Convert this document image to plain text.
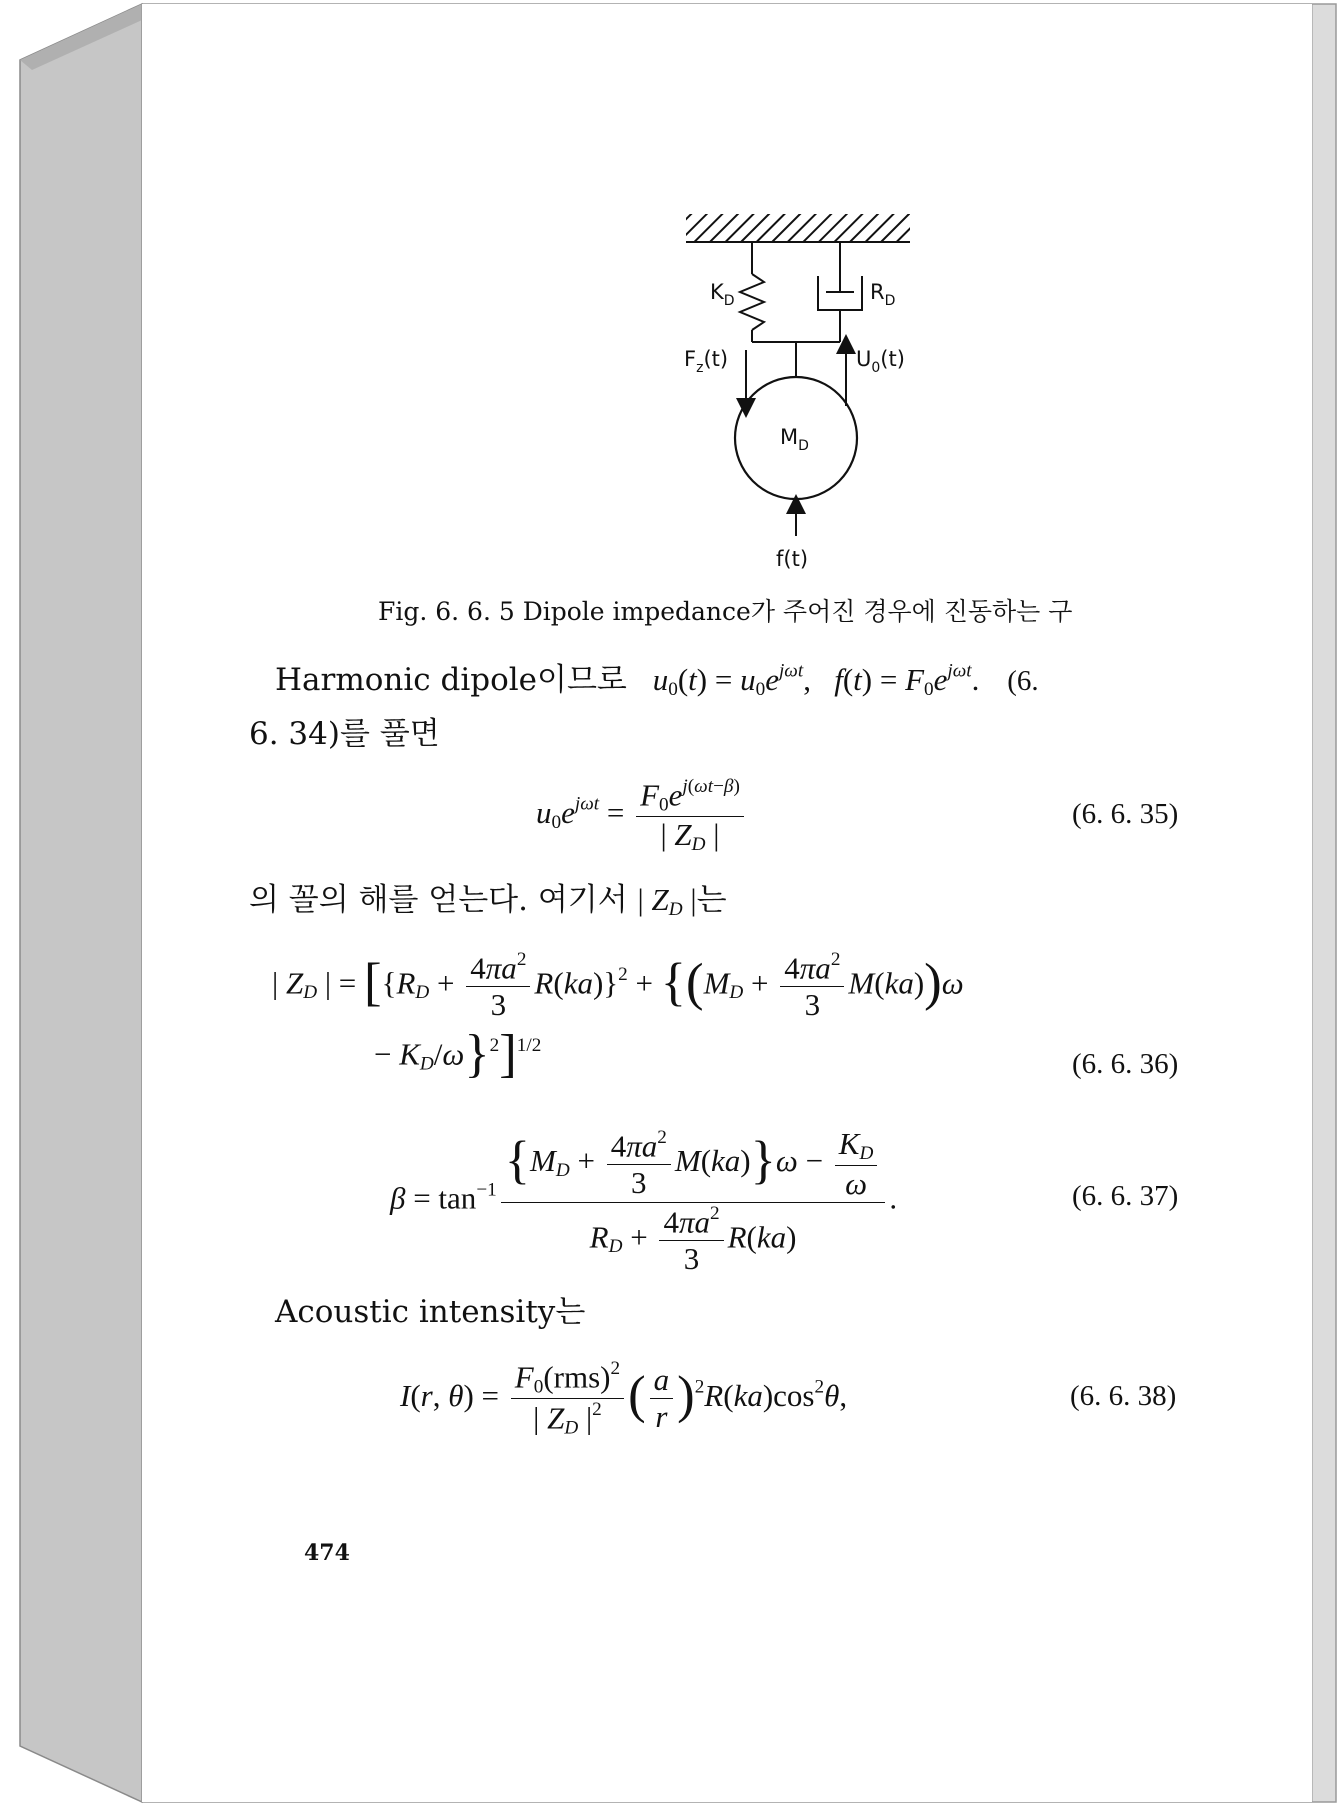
$K_D$	$R_D$
$F_z(t)$	$U_0(t)$
$M_D$
f(t)
Fig. 6. 6. 5 Dipole impedance가 주어진 경우에 진동하는 구
Harmonic dipole이므로 $u_0(t) = u_0e^{j\omega t}$,   $f(t) = F_0e^{j\omega t}$. (6.
6. 34)를 풀면
$u_0e^{j\omega t} = \frac{F_0e^{j(\omega t-\beta)}}{| Z_D |}$	(6. 6. 35)
의 꼴의 해를 얻는다. 여기서 | $Z_D$ |는
| $Z_D$ | = [$\{R_D + \frac{4\pi a^2}{3} R(ka)\}^2 + \{(M_D + \frac{4\pi a^2}{3} M(ka))\omega$
− $K_D/\omega\}^2]^{1/2}$
(6. 6. 36)
$\beta = \tan^{-1} \frac{\{M_D + \frac{4\pi a^2}{3} M(ka)\}\omega - \frac{K_D}{\omega}}{R_D + \frac{4\pi a^2}{3} R(ka)}$ .	(6. 6. 37)
Acoustic intensity는
I(r, $\theta) = \frac{F_0(rms)^2}{| Z_D |^2}$ ( $\frac{a}{r} )^2R(ka)\cos^2\theta$,	(6. 6. 38)
474
